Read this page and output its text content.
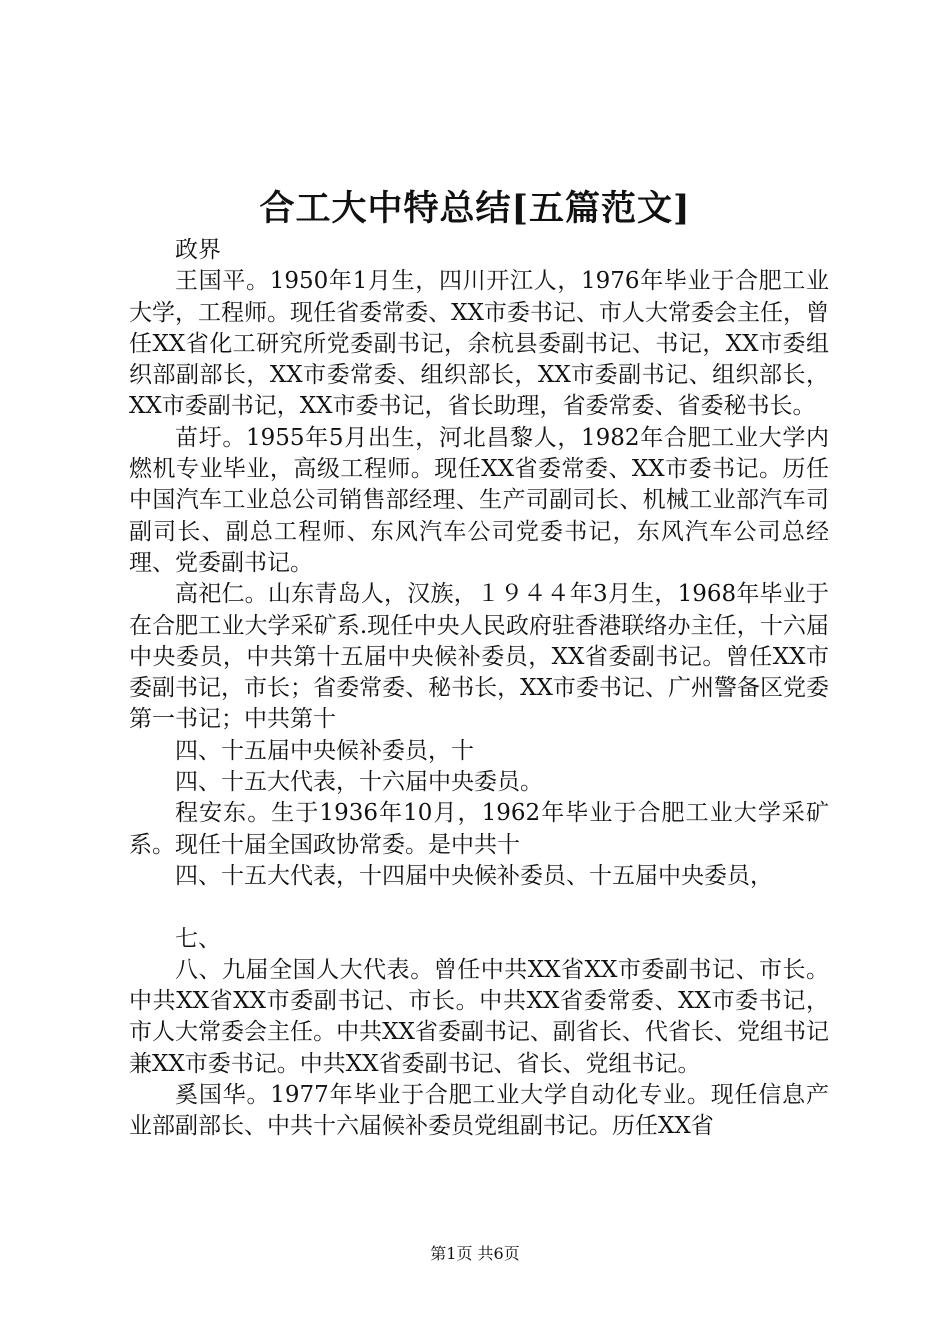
合工大中特总结[五篇范文]

政界

王国平。1950年1月生，四川开江人，1976年毕业于合肥工业大学，工程师。现任省委常委、XX市委书记、市人大常委会主任，曾任XX省化工研究所党委副书记，余杭县委副书记、书记，XX市委组织部副部长，XX市委常委、组织部长，XX市委副书记、组织部长，XX市委副书记，XX市委书记，省长助理，省委常委、省委秘书长。

苗圩。1955年5月出生，河北昌黎人，1982年合肥工业大学内燃机专业毕业，高级工程师。现任XX省委常委、XX市委书记。历任中国汽车工业总公司销售部经理、生产司副司长、机械工业部汽车司副司长、副总工程师、东风汽车公司党委书记，东风汽车公司总经理、党委副书记。

高祀仁。山东青岛人，汉族，１９４４年3月生，1968年毕业于在合肥工业大学采矿系.现任中央人民政府驻香港联络办主任，十六届中央委员，中共第十五届中央候补委员，XX省委副书记。曾任XX市委副书记，市长；省委常委、秘书长，XX市委书记、广州警备区党委第一书记；中共第十

四、十五届中央候补委员，十

四、十五大代表，十六届中央委员。

程安东。生于1936年10月，1962年毕业于合肥工业大学采矿系。现任十届全国政协常委。是中共十

四、十五大代表，十四届中央候补委员、十五届中央委员，

七、

八、九届全国人大代表。曾任中共XX省XX市委副书记、市长。中共XX省XX市委副书记、市长。中共XX省委常委、XX市委书记，市人大常委会主任。中共XX省委副书记、副省长、代省长、党组书记兼XX市委书记。中共XX省委副书记、省长、党组书记。

奚国华。1977年毕业于合肥工业大学自动化专业。现任信息产业部副部长、中共十六届候补委员党组副书记。历任XX省

第1页 共6页
